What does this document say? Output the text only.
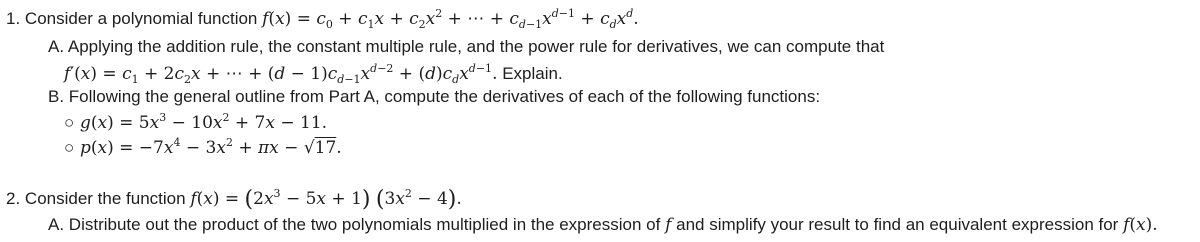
1. Consider a polynomial function $f(x) = c_0 + c_1x + c_2x^2$ + ⋯ + $c_{d-1}x^{d-1} + c_dx^d$.
A. Applying the addition rule, the constant multiple rule, and the power rule for derivatives, we can compute that
$f'(x) = c_1 + 2c_2x$ + ⋯ + $(d - 1)c_{d-1}x^{d-2} + (d)c_dx^{d-1}$. Explain.
B. Following the general outline from Part A, compute the derivatives of each of the following functions:
○ $g(x) = 5x^3 - 10x^2 + 7x - 11$.
○ $p(x) = -7x^4 - 3x^2 + \pi x - √17$.
2. Consider the function $f(x) = (2x^3 - 5x + 1) (3x^2 - 4)$.
A. Distribute out the product of the two polynomials multiplied in the expression of f and simplify your result to find an equivalent expression for f(x).
